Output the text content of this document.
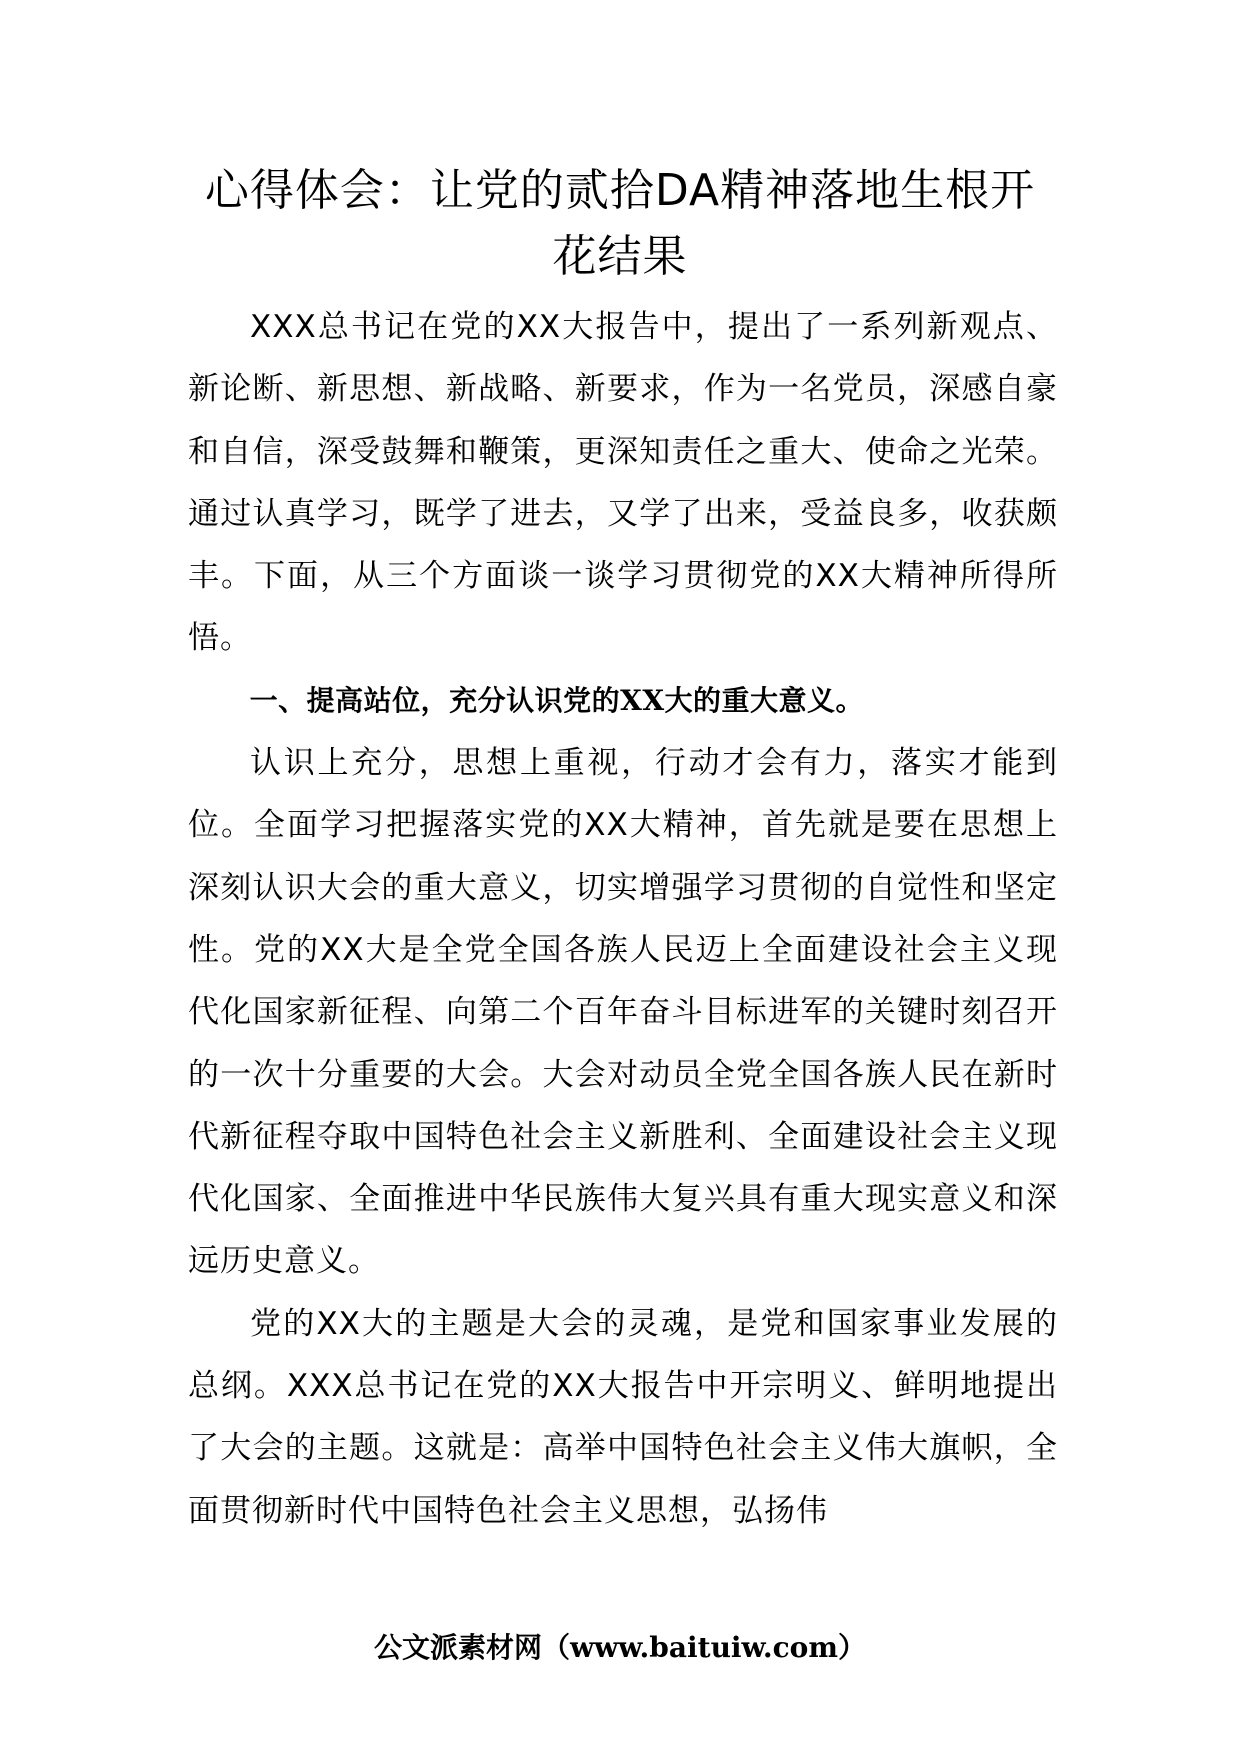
心得体会：让党的贰拾DA精神落地生根开花结果

XXX总书记在党的XX大报告中，提出了一系列新观点、新论断、新思想、新战略、新要求，作为一名党员，深感自豪和自信，深受鼓舞和鞭策，更深知责任之重大、使命之光荣。通过认真学习，既学了进去，又学了出来，受益良多，收获颇丰。下面，从三个方面谈一谈学习贯彻党的XX大精神所得所悟。

一、提高站位，充分认识党的XX大的重大意义。

认识上充分，思想上重视，行动才会有力，落实才能到位。全面学习把握落实党的XX大精神，首先就是要在思想上深刻认识大会的重大意义，切实增强学习贯彻的自觉性和坚定性。党的XX大是全党全国各族人民迈上全面建设社会主义现代化国家新征程、向第二个百年奋斗目标进军的关键时刻召开的一次十分重要的大会。大会对动员全党全国各族人民在新时代新征程夺取中国特色社会主义新胜利、全面建设社会主义现代化国家、全面推进中华民族伟大复兴具有重大现实意义和深远历史意义。

党的XX大的主题是大会的灵魂，是党和国家事业发展的总纲。XXX总书记在党的XX大报告中开宗明义、鲜明地提出了大会的主题。这就是：高举中国特色社会主义伟大旗帜，全面贯彻新时代中国特色社会主义思想，弘扬伟

公文派素材网（www.baituiw.com）
